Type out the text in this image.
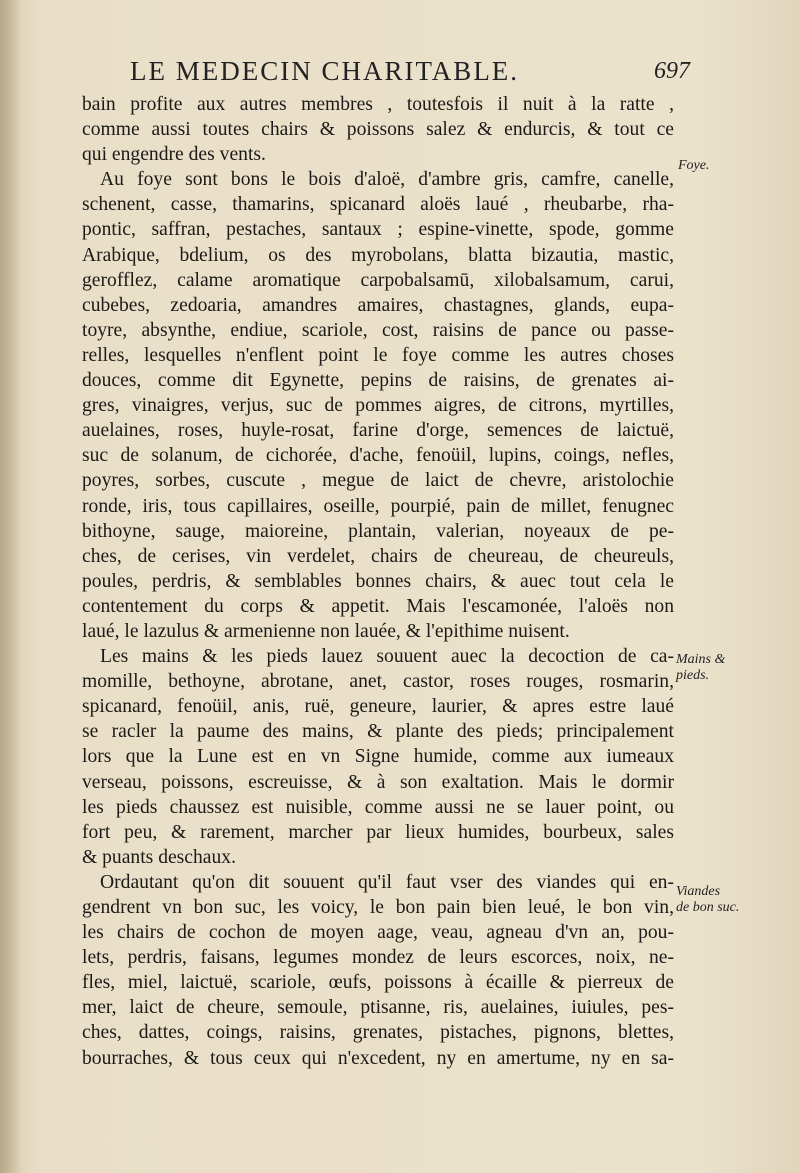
LE MEDECIN CHARITABLE.	697
bain profite aux autres membres , toutesfois il nuit à la ratte ,
comme aussi toutes chairs & poissons salez & endurcis, & tout ce
qui engendre des vents.
Au foye sont bons le bois d'aloë, d'ambre gris, camfre, canelle,
schenent, casse, thamarins, spicanard aloës laué , rheubarbe, rha-
pontic, saffran, pestaches, santaux ; espine-vinette, spode, gomme
Arabique, bdelium, os des myrobolans, blatta bizautia, mastic,
gerofflez, calame aromatique carpobalsamū, xilobalsamum, carui,
cubebes, zedoaria, amandres amaires, chastagnes, glands, eupa-
toyre, absynthe, endiue, scariole, cost, raisins de pance ou passe-
relles, lesquelles n'enflent point le foye comme les autres choses
douces, comme dit Egynette, pepins de raisins, de grenates ai-
gres, vinaigres, verjus, suc de pommes aigres, de citrons, myrtilles,
auelaines, roses, huyle-rosat, farine d'orge, semences de laictuë,
suc de solanum, de cichorée, d'ache, fenoüil, lupins, coings, nefles,
poyres, sorbes, cuscute , megue de laict de chevre, aristolochie
ronde, iris, tous capillaires, oseille, pourpié, pain de millet, fenugnec
bithoyne, sauge, maioreine, plantain, valerian, noyeaux de pe-
ches, de cerises, vin verdelet, chairs de cheureau, de cheureuls,
poules, perdris, & semblables bonnes chairs, & auec tout cela le
contentement du corps & appetit. Mais l'escamonée, l'aloës non
laué, le lazulus & armenienne non lauée, & l'epithime nuisent.
Les mains & les pieds lauez souuent auec la decoction de ca-
momille, bethoyne, abrotane, anet, castor, roses rouges, rosmarin,
spicanard, fenoüil, anis, ruë, geneure, laurier, & apres estre laué
se racler la paume des mains, & plante des pieds; principalement
lors que la Lune est en vn Signe humide, comme aux iumeaux
verseau, poissons, escreuisse, & à son exaltation. Mais le dormir
les pieds chaussez est nuisible, comme aussi ne se lauer point, ou
fort peu, & rarement, marcher par lieux humides, bourbeux, sales
& puants deschaux.
Ordautant qu'on dit souuent qu'il faut vser des viandes qui en-
gendrent vn bon suc, les voicy, le bon pain bien leué, le bon vin,
les chairs de cochon de moyen aage, veau, agneau d'vn an, pou-
lets, perdris, faisans, legumes mondez de leurs escorces, noix, ne-
fles, miel, laictuë, scariole, œufs, poissons à écaille & pierreux de
mer, laict de cheure, semoule, ptisanne, ris, auelaines, iuiules, pes-
ches, dattes, coings, raisins, grenates, pistaches, pignons, blettes,
bourraches, & tous ceux qui n'excedent, ny en amertume, ny en sa-
Foye.
Mains &
pieds.
Viandes
de bon suc.
